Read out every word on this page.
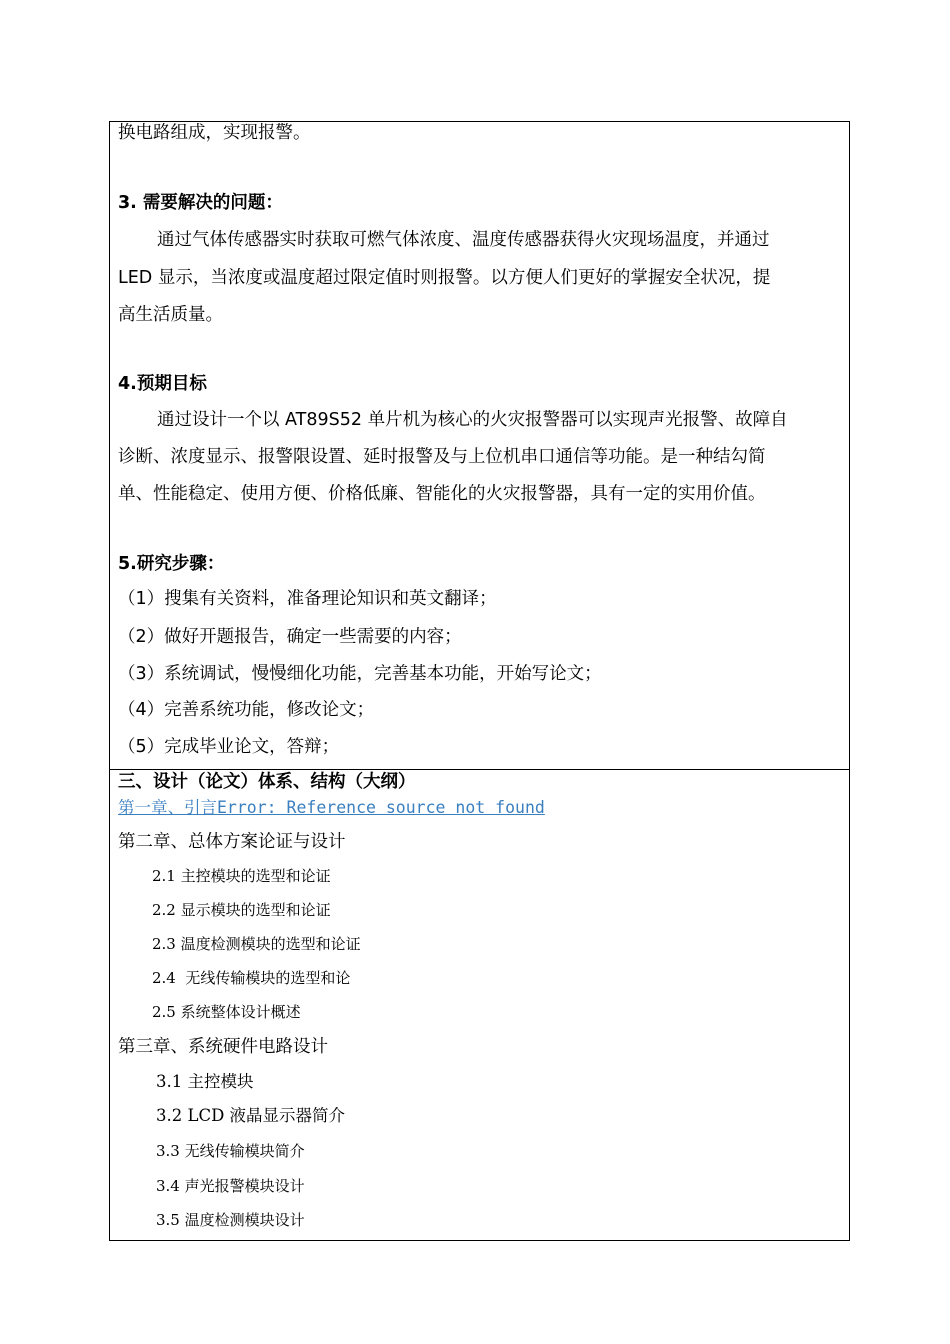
换电路组成，实现报警。
3. 需要解决的问题：
通过气体传感器实时获取可燃气体浓度、温度传感器获得火灾现场温度，并通过
LED 显示，当浓度或温度超过限定值时则报警。以方便人们更好的掌握安全状况，提
高生活质量。
4.预期目标
通过设计一个以 AT89S52 单片机为核心的火灾报警器可以实现声光报警、故障自
诊断、浓度显示、报警限设置、延时报警及与上位机串口通信等功能。是一种结勾简
单、性能稳定、使用方便、价格低廉、智能化的火灾报警器，具有一定的实用价值。
5.研究步骤：
（1）搜集有关资料，准备理论知识和英文翻译；
（2）做好开题报告，确定一些需要的内容；
（3）系统调试，慢慢细化功能，完善基本功能，开始写论文；
（4）完善系统功能，修改论文；
（5）完成毕业论文，答辩；
三、设计（论文）体系、结构（大纲）
第一章、引言Error: Reference source not found
第二章、总体方案论证与设计
2.1 主控模块的选型和论证
2.2 显示模块的选型和论证
2.3 温度检测模块的选型和论证
2.4  无线传输模块的选型和论
2.5 系统整体设计概述
第三章、系统硬件电路设计
3.1 主控模块
3.2 LCD 液晶显示器简介
3.3 无线传输模块简介
3.4 声光报警模块设计
3.5 温度检测模块设计
